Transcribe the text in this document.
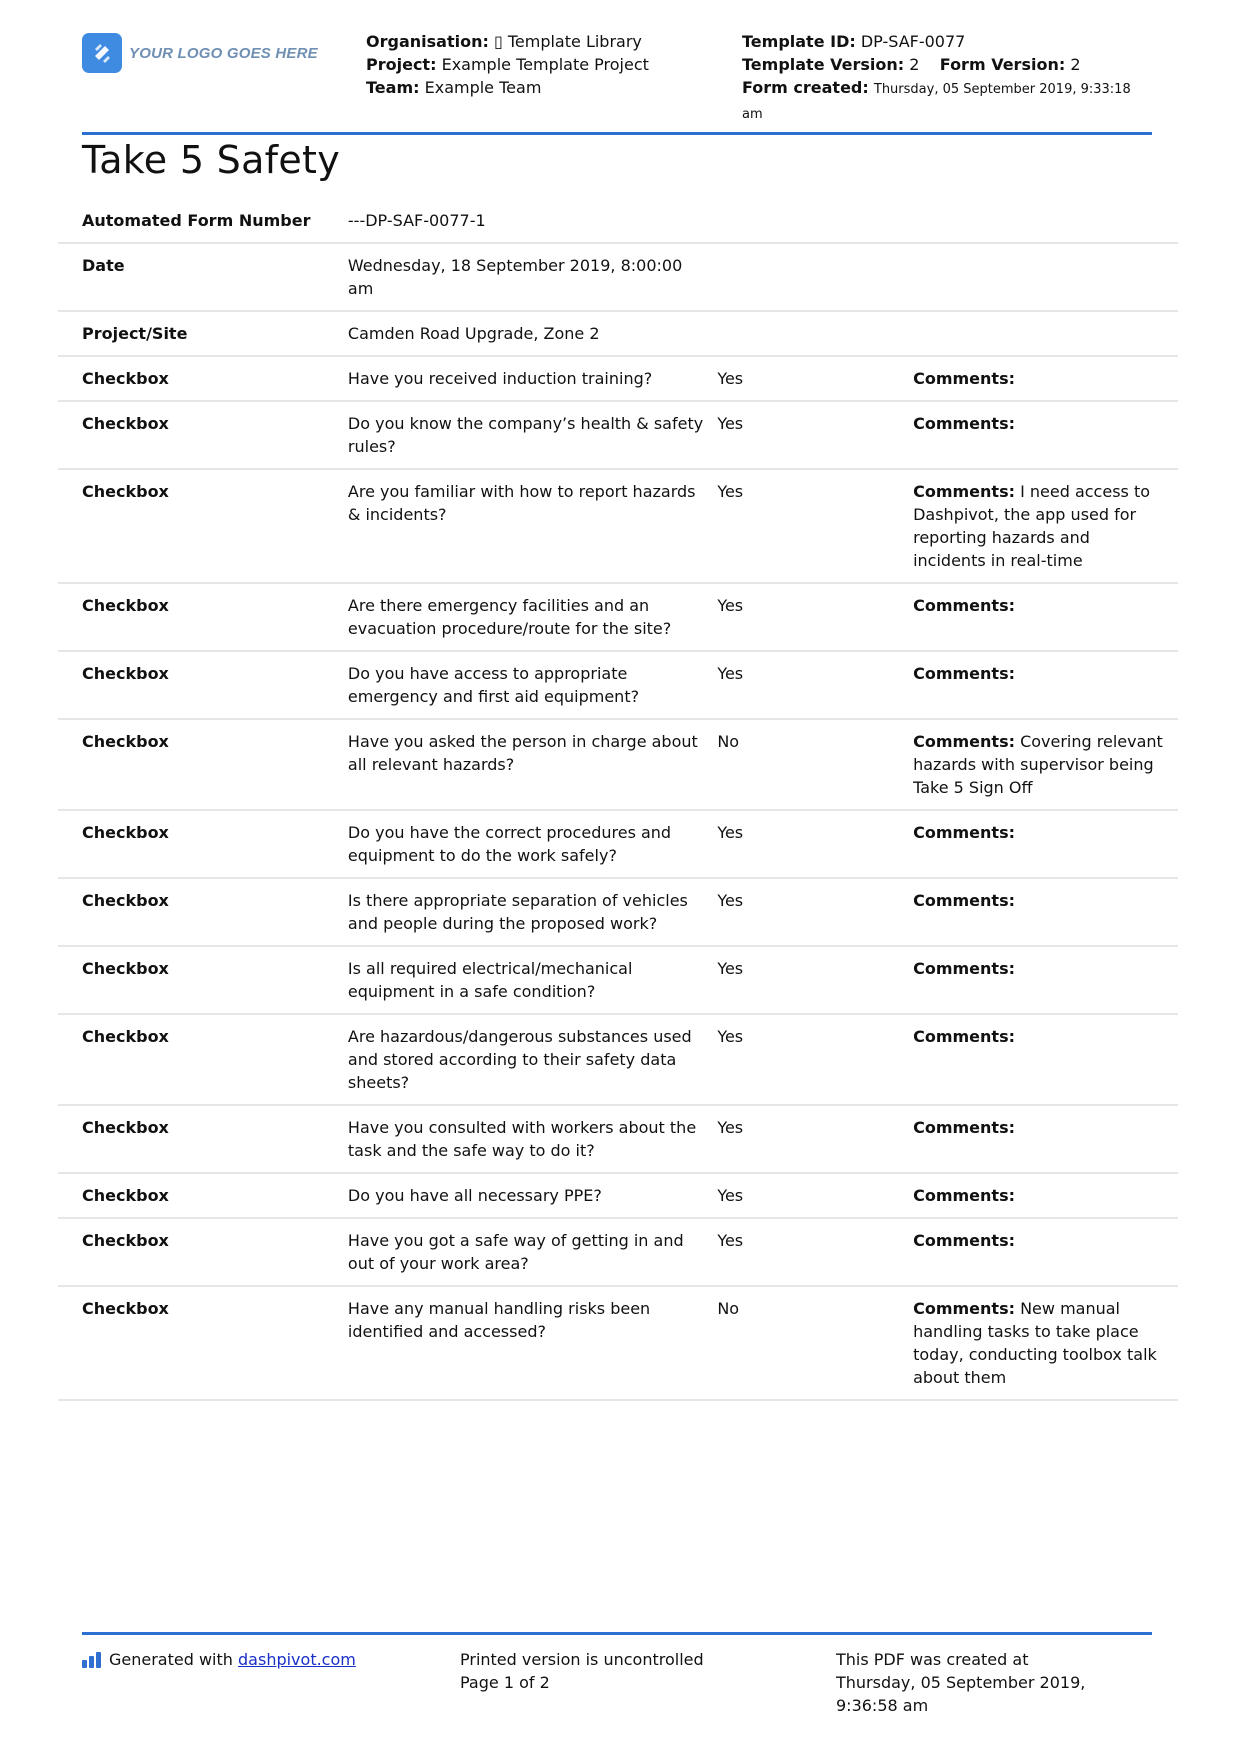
YOUR LOGO GOES HERE
Organisation: ▯ Template Library
Project: Example Template Project
Team: Example Team
Template ID: DP-SAF-0077
Template Version: 2 Form Version: 2
Form created: Thursday, 05 September 2019, 9:33:18 am
Take 5 Safety
Automated Form Number	---DP-SAF-0077-1		
Date	Wednesday, 18 September 2019, 8:00:00 am		
Project/Site	Camden Road Upgrade, Zone 2		
Checkbox	Have you received induction training?	Yes	Comments:
Checkbox	Do you know the company’s health & safety rules?	Yes	Comments:
Checkbox	Are you familiar with how to report hazards & incidents?	Yes	Comments: I need access to Dashpivot, the app used for reporting hazards and incidents in real-time
Checkbox	Are there emergency facilities and an evacuation procedure/route for the site?	Yes	Comments:
Checkbox	Do you have access to appropriate emergency and first aid equipment?	Yes	Comments:
Checkbox	Have you asked the person in charge about all relevant hazards?	No	Comments: Covering relevant hazards with supervisor being Take 5 Sign Off
Checkbox	Do you have the correct procedures and equipment to do the work safely?	Yes	Comments:
Checkbox	Is there appropriate separation of vehicles and people during the proposed work?	Yes	Comments:
Checkbox	Is all required electrical/mechanical equipment in a safe condition?	Yes	Comments:
Checkbox	Are hazardous/dangerous substances used and stored according to their safety data sheets?	Yes	Comments:
Checkbox	Have you consulted with workers about the task and the safe way to do it?	Yes	Comments:
Checkbox	Do you have all necessary PPE?	Yes	Comments:
Checkbox	Have you got a safe way of getting in and out of your work area?	Yes	Comments:
Checkbox	Have any manual handling risks been identified and accessed?	No	Comments: New manual handling tasks to take place today, conducting toolbox talk about them
Generated with dashpivot.com	Printed version is uncontrolled
Page 1 of 2
This PDF was created at
Thursday, 05 September 2019, 9:36:58 am
